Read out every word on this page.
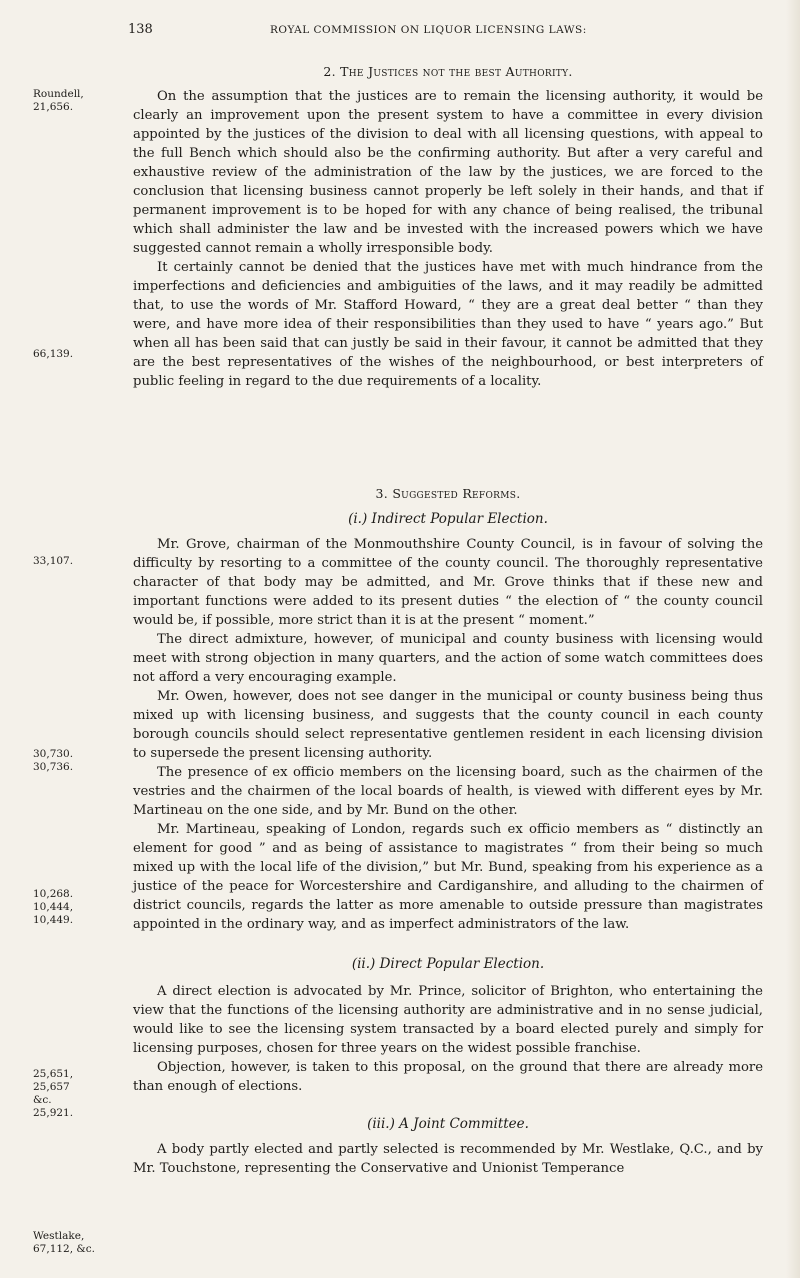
138	ROYAL COMMISSION ON LIQUOR LICENSING LAWS:
Roundell,
21,656.
66,139.
33,107.
30,730.
30,736.
10,268.
10,444,
10,449.
25,651,
25,657
&c.
25,921.
Westlake,
67,112, &c.
2. The Justices not the best Authority.

On the assumption that the justices are to remain the licensing authority, it would be clearly an improvement upon the present system to have a committee in every division appointed by the justices of the division to deal with all licensing questions, with appeal to the full Bench which should also be the confirming authority. But after a very careful and exhaustive review of the administration of the law by the justices, we are forced to the conclusion that licensing business cannot properly be left solely in their hands, and that if permanent improvement is to be hoped for with any chance of being realised, the tribunal which shall administer the law and be invested with the increased powers which we have suggested cannot remain a wholly irresponsible body.

It certainly cannot be denied that the justices have met with much hindrance from the imperfections and deficiencies and ambiguities of the laws, and it may readily be admitted that, to use the words of Mr. Stafford Howard, “ they are a great deal better “ than they were, and have more idea of their responsibilities than they used to have “ years ago.” But when all has been said that can justly be said in their favour, it cannot be admitted that they are the best representatives of the wishes of the neighbourhood, or best interpreters of public feeling in regard to the due requirements of a locality.

3. Suggested Reforms.
(i.) Indirect Popular Election.

Mr. Grove, chairman of the Monmouthshire County Council, is in favour of solving the difficulty by resorting to a committee of the county council. The thoroughly representative character of that body may be admitted, and Mr. Grove thinks that if these new and important functions were added to its present duties “ the election of “ the county council would be, if possible, more strict than it is at the present “ moment.”

The direct admixture, however, of municipal and county business with licensing would meet with strong objection in many quarters, and the action of some watch committees does not afford a very encouraging example.

Mr. Owen, however, does not see danger in the municipal or county business being thus mixed up with licensing business, and suggests that the county council in each county borough councils should select representative gentlemen resident in each licensing division to supersede the present licensing authority.

The presence of ex officio members on the licensing board, such as the chairmen of the vestries and the chairmen of the local boards of health, is viewed with different eyes by Mr. Martineau on the one side, and by Mr. Bund on the other.

Mr. Martineau, speaking of London, regards such ex officio members as “ distinctly an element for good ” and as being of assistance to magistrates “ from their being so much mixed up with the local life of the division,” but Mr. Bund, speaking from his experience as a justice of the peace for Worcestershire and Cardiganshire, and alluding to the chairmen of district councils, regards the latter as more amenable to outside pressure than magistrates appointed in the ordinary way, and as imperfect administrators of the law.

(ii.) Direct Popular Election.

A direct election is advocated by Mr. Prince, solicitor of Brighton, who entertaining the view that the functions of the licensing authority are administrative and in no sense judicial, would like to see the licensing system transacted by a board elected purely and simply for licensing purposes, chosen for three years on the widest possible franchise.

Objection, however, is taken to this proposal, on the ground that there are already more than enough of elections.

(iii.) A Joint Committee.

A body partly elected and partly selected is recommended by Mr. Westlake, Q.C., and by Mr. Touchstone, representing the Conservative and Unionist Temperance
